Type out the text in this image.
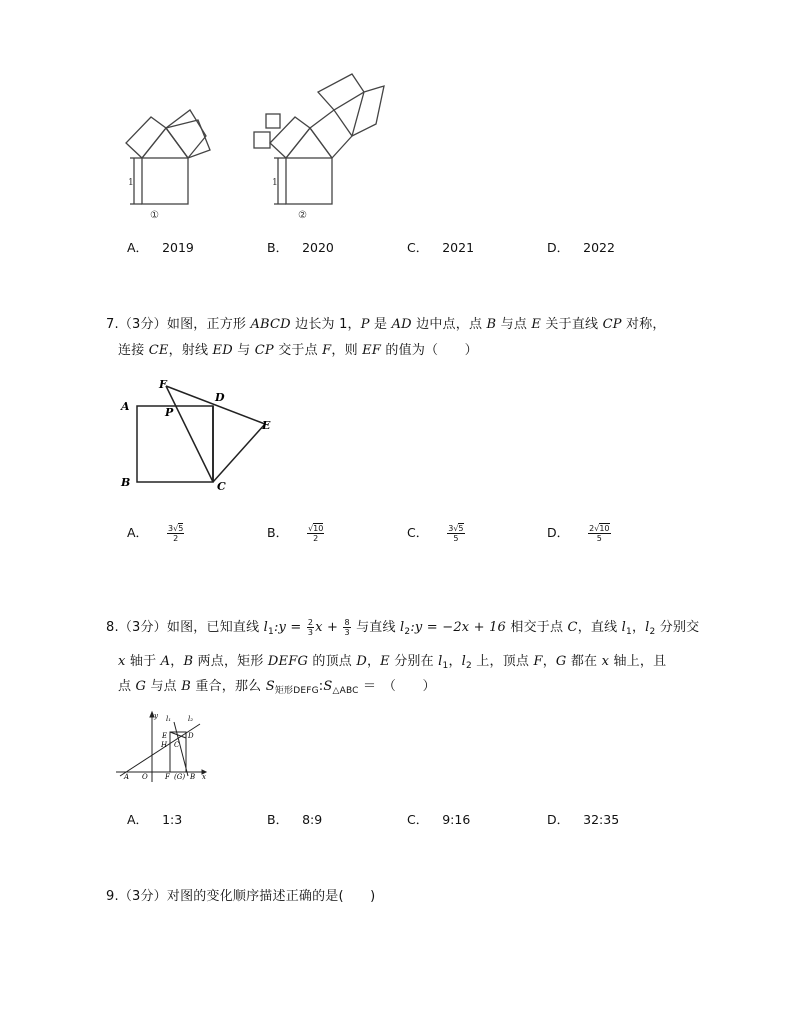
1	1
①	②
A． 2019	B． 2020	C． 2021	D． 2022
7.（3分）如图，正方形 ABCD 边长为 1，P 是 AD 边中点，点 B 与点 E 关于直线 CP 对称，
连接 CE，射线 ED 与 CP 交于点 F，则 EF 的值为（　　）
F
D
A	P
E
B	C
A． $\frac{3√5}{2}$	B． $\frac{√10}{2}$	C． $\frac{3√5}{5}$	D． $\frac{2√10}{5}$
8.（3分）如图，已知直线 $l_1:y = \frac{2}{3}$ $x + \frac{8}{3}$ 与直线 $l_2:y = -2x + 16$ 相交于点 C，直线 $l_1$，$l_2$ 分别交
x 轴于 A，B 两点，矩形 DEFG 的顶点 D，E 分别在 $l_1$，$l_2$ 上，顶点 F，G 都在 x 轴上，且
点 G 与点 B 重合，那么 $S_{矩形DEFG}:S_{\triangle ABC}$ ＝　（　　）
y l₁ l₂
E	D
H C
A O F (G) B x
A． 1:3	B． 8:9	C． 9:16	D． 32:35
9.（3分）对图的变化顺序描述正确的是(　　)
